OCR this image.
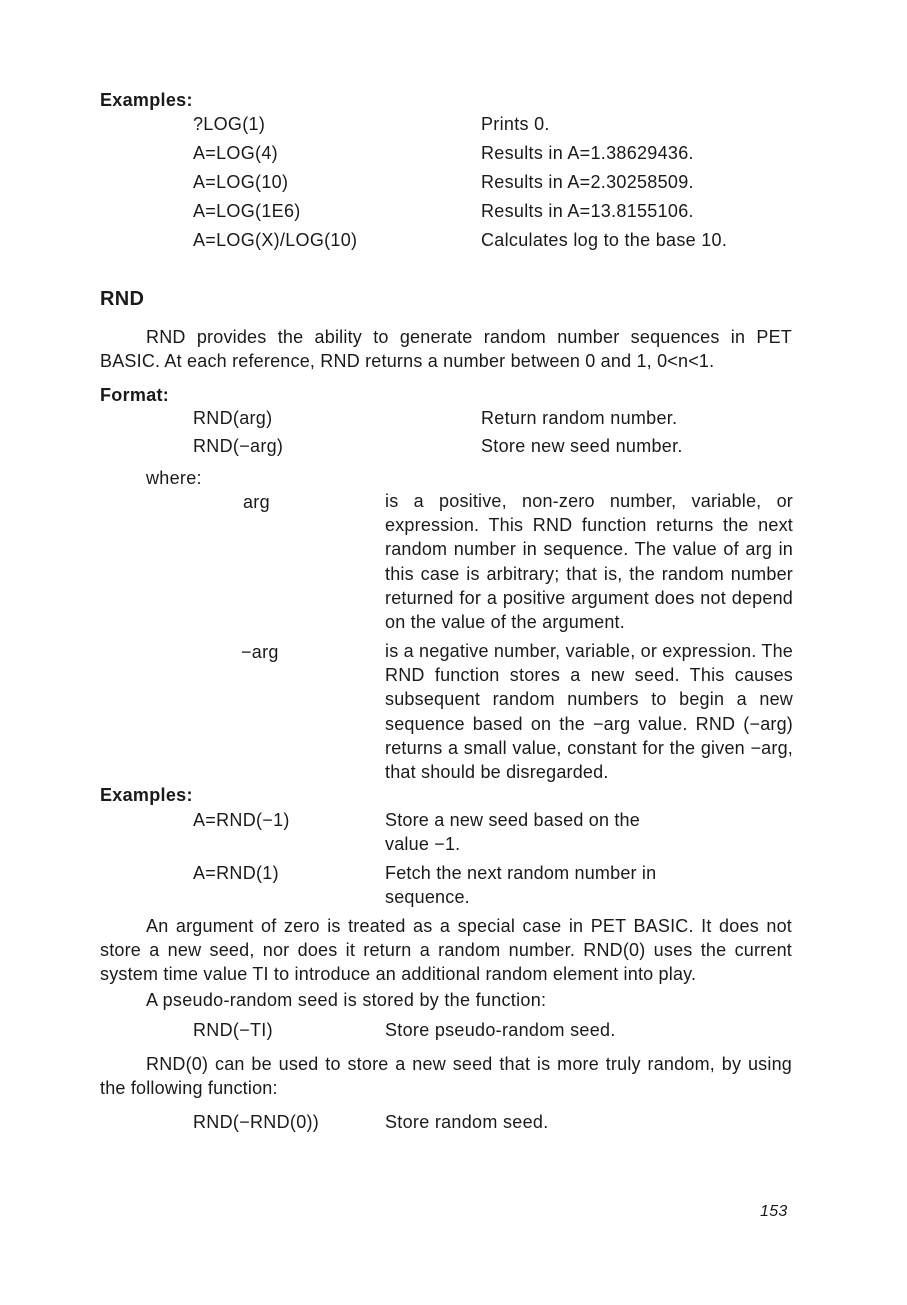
Examples:
?LOG(1)	Prints 0.
A=LOG(4)	Results in A=1.38629436.
A=LOG(10)	Results in A=2.30258509.
A=LOG(1E6)	Results in A=13.8155106.
A=LOG(X)/LOG(10)	Calculates log to the base 10.
RND
RND provides the ability to generate random number sequences in PET BASIC. At each reference, RND returns a number between 0 and 1, 0<n<1.
Format:
RND(arg)	Return random number.
RND(−arg)	Store new seed number.
where:
arg	is a positive, non-zero number, variable, or expression. This RND function returns the next random number in sequence. The value of arg in this case is arbitrary; that is, the random number returned for a positive argument does not depend on the value of the argument.
−arg	is a negative number, variable, or expression. The RND function stores a new seed. This causes subsequent random numbers to begin a new sequence based on the −arg value. RND (−arg) returns a small value, constant for the given −arg, that should be disregarded.
Examples:
A=RND(−1)	Store a new seed based on the
value −1.
A=RND(1)	Fetch the next random number in
sequence.
An argument of zero is treated as a special case in PET BASIC. It does not store a new seed, nor does it return a random number. RND(0) uses the current system time value TI to introduce an additional random element into play.
A pseudo-random seed is stored by the function:
RND(−TI)	Store pseudo-random seed.
RND(0) can be used to store a new seed that is more truly random, by using the following function:
RND(−RND(0))	Store random seed.
153
